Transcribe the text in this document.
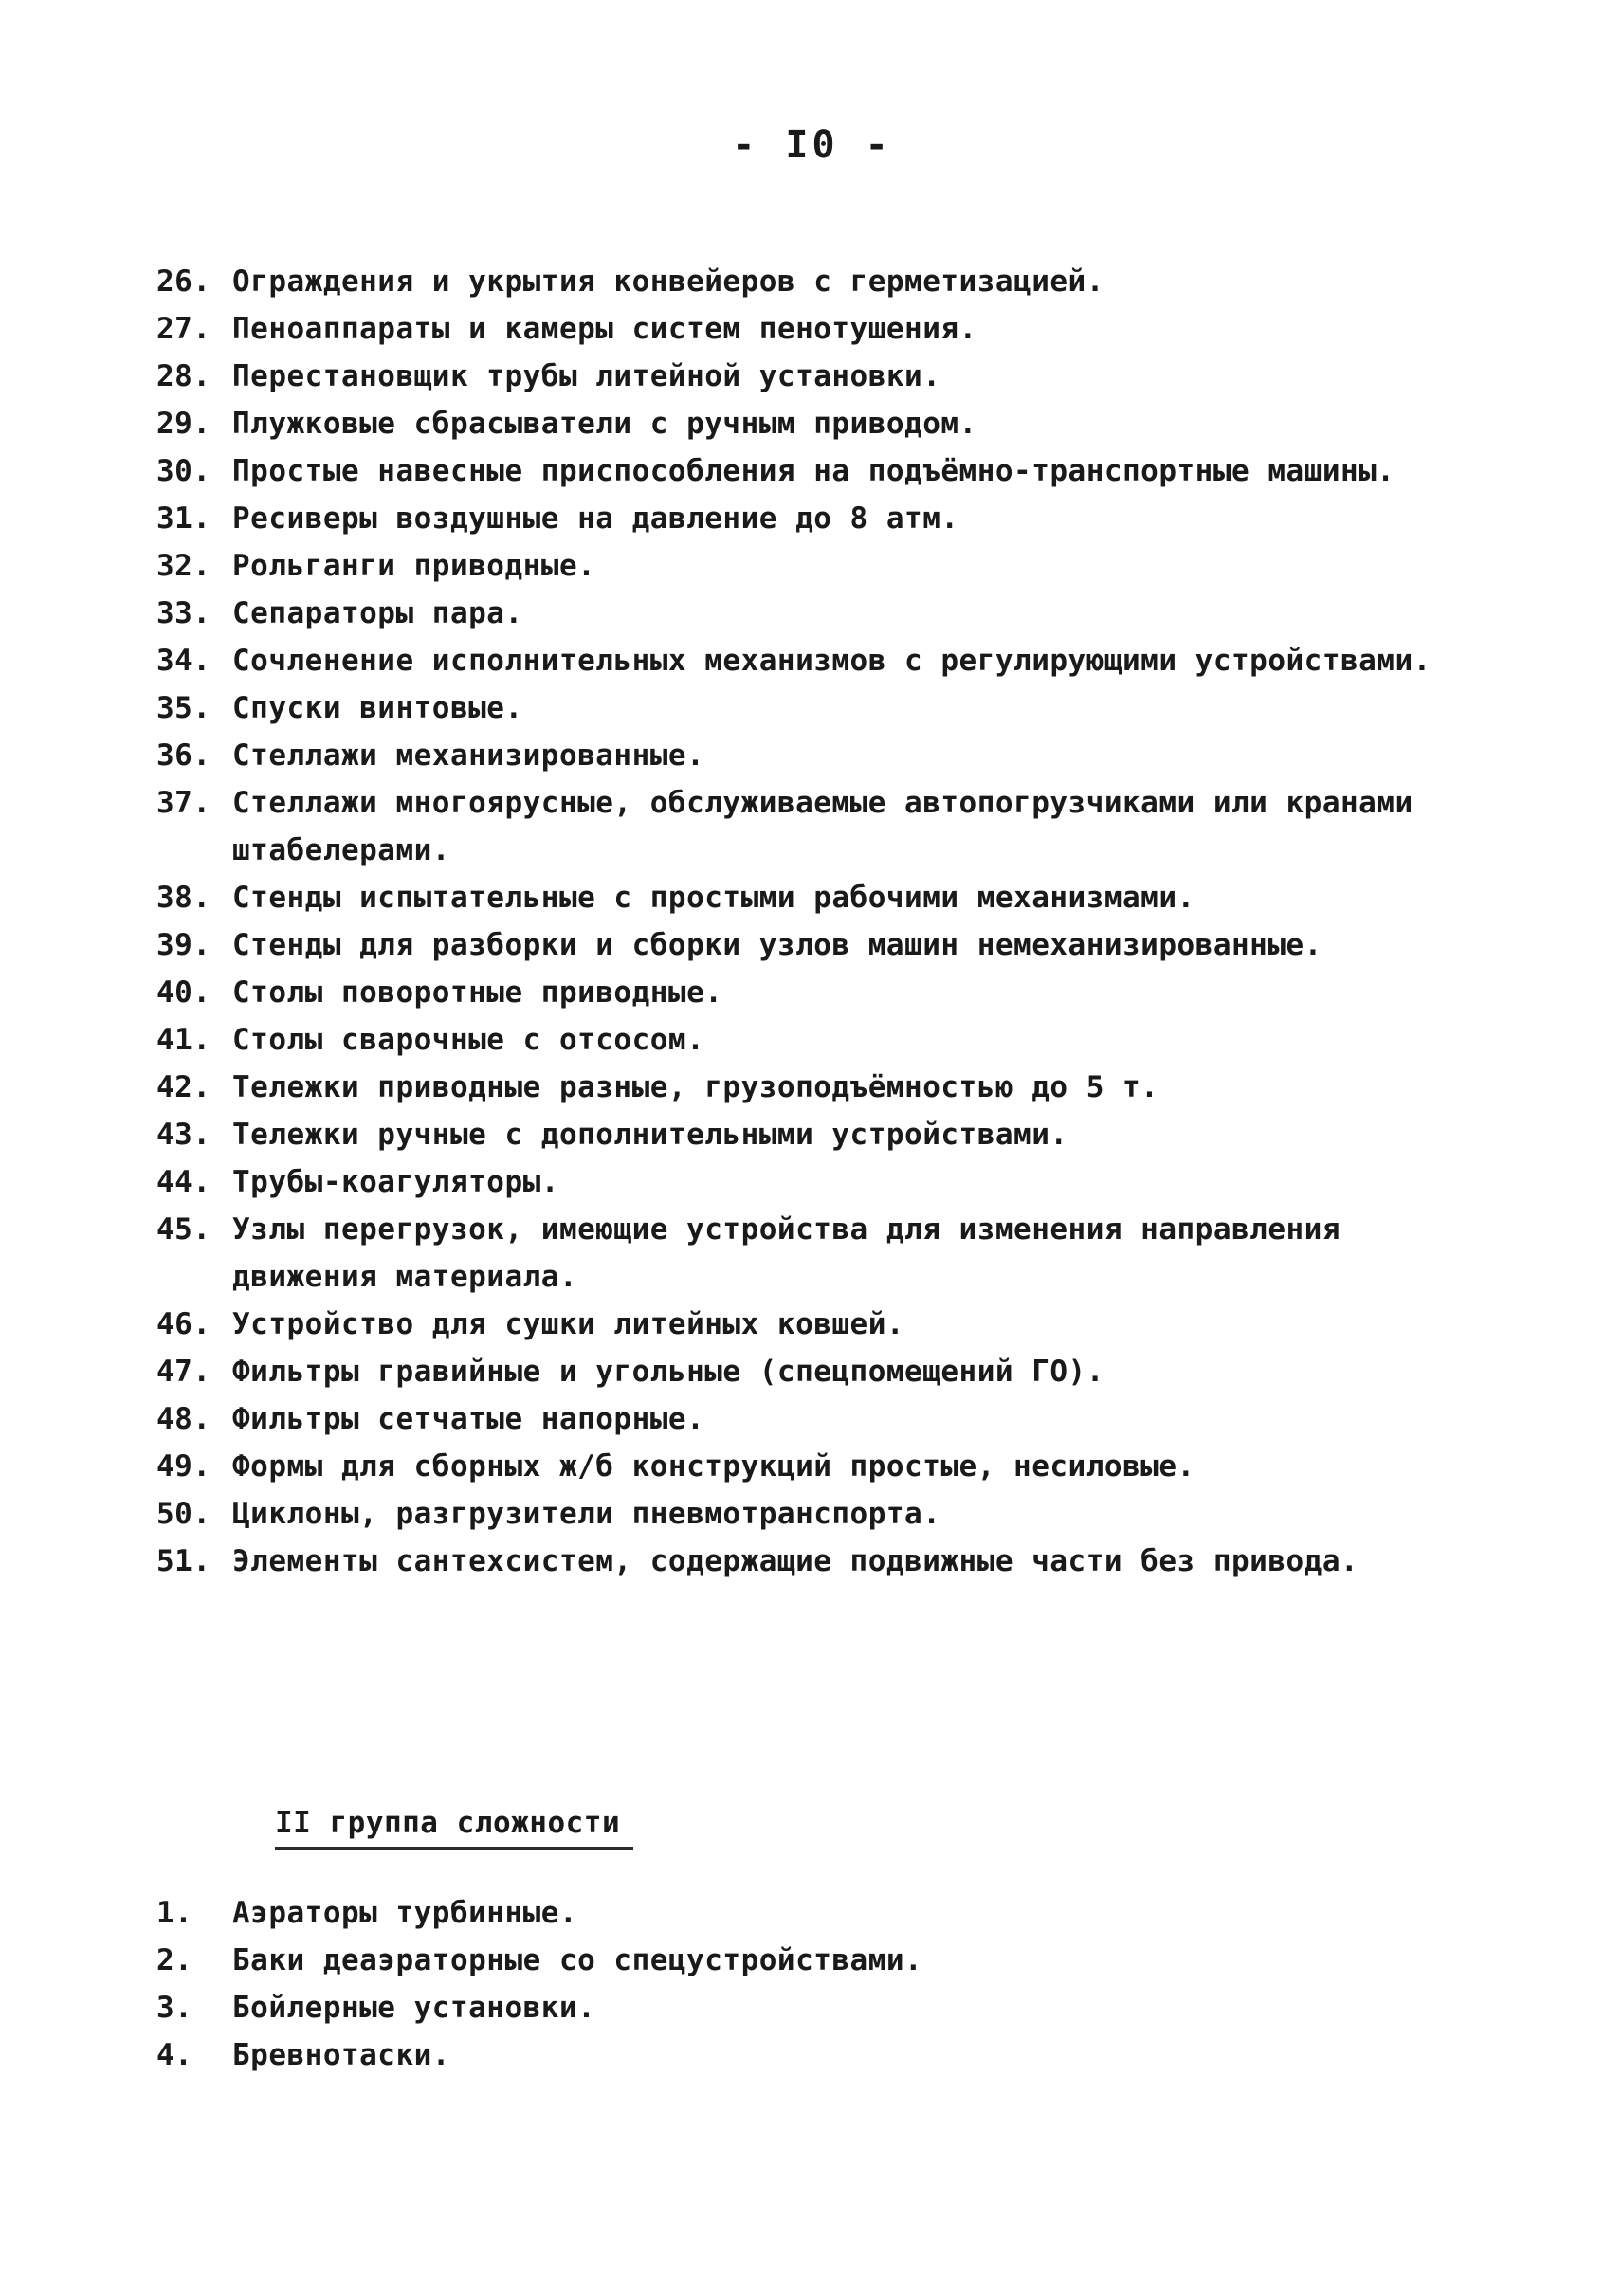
- I0 -
26. Ограждения и укрытия конвейеров с герметизацией.
27. Пеноаппараты и камеры систем пенотушения.
28. Перестановщик трубы литейной установки.
29. Плужковые сбрасыватели с ручным приводом.
30. Простые навесные приспособления на подъёмно-транспортные машины.
31. Ресиверы воздушные на давление до 8 атм.
32. Рольганги приводные.
33. Сепараторы пара.
34. Сочленение исполнительных механизмов с регулирующими устройствами.
35. Спуски винтовые.
36. Стеллажи механизированные.
37. Стеллажи многоярусные, обслуживаемые автопогрузчиками или кранами штабелерами.
38. Стенды испытательные с простыми рабочими механизмами.
39. Стенды для разборки и сборки узлов машин немеханизированные.
40. Столы поворотные приводные.
41. Столы сварочные с отсосом.
42. Тележки приводные разные, грузоподъёмностью до 5 т.
43. Тележки ручные с дополнительными устройствами.
44. Трубы-коагуляторы.
45. Узлы перегрузок, имеющие устройства для изменения направления движения материала.
46. Устройство для сушки литейных ковшей.
47. Фильтры гравийные и угольные (спецпомещений ГО).
48. Фильтры сетчатые напорные.
49. Формы для сборных ж/б конструкций простые, несиловые.
50. Циклоны, разгрузители пневмотранспорта.
51. Элементы сантехсистем, содержащие подвижные части без привода.
II группа сложности
1.	Аэраторы турбинные.
2.	Баки деаэраторные со спецустройствами.
3.	Бойлерные установки.
4.	Бревнотаски.
